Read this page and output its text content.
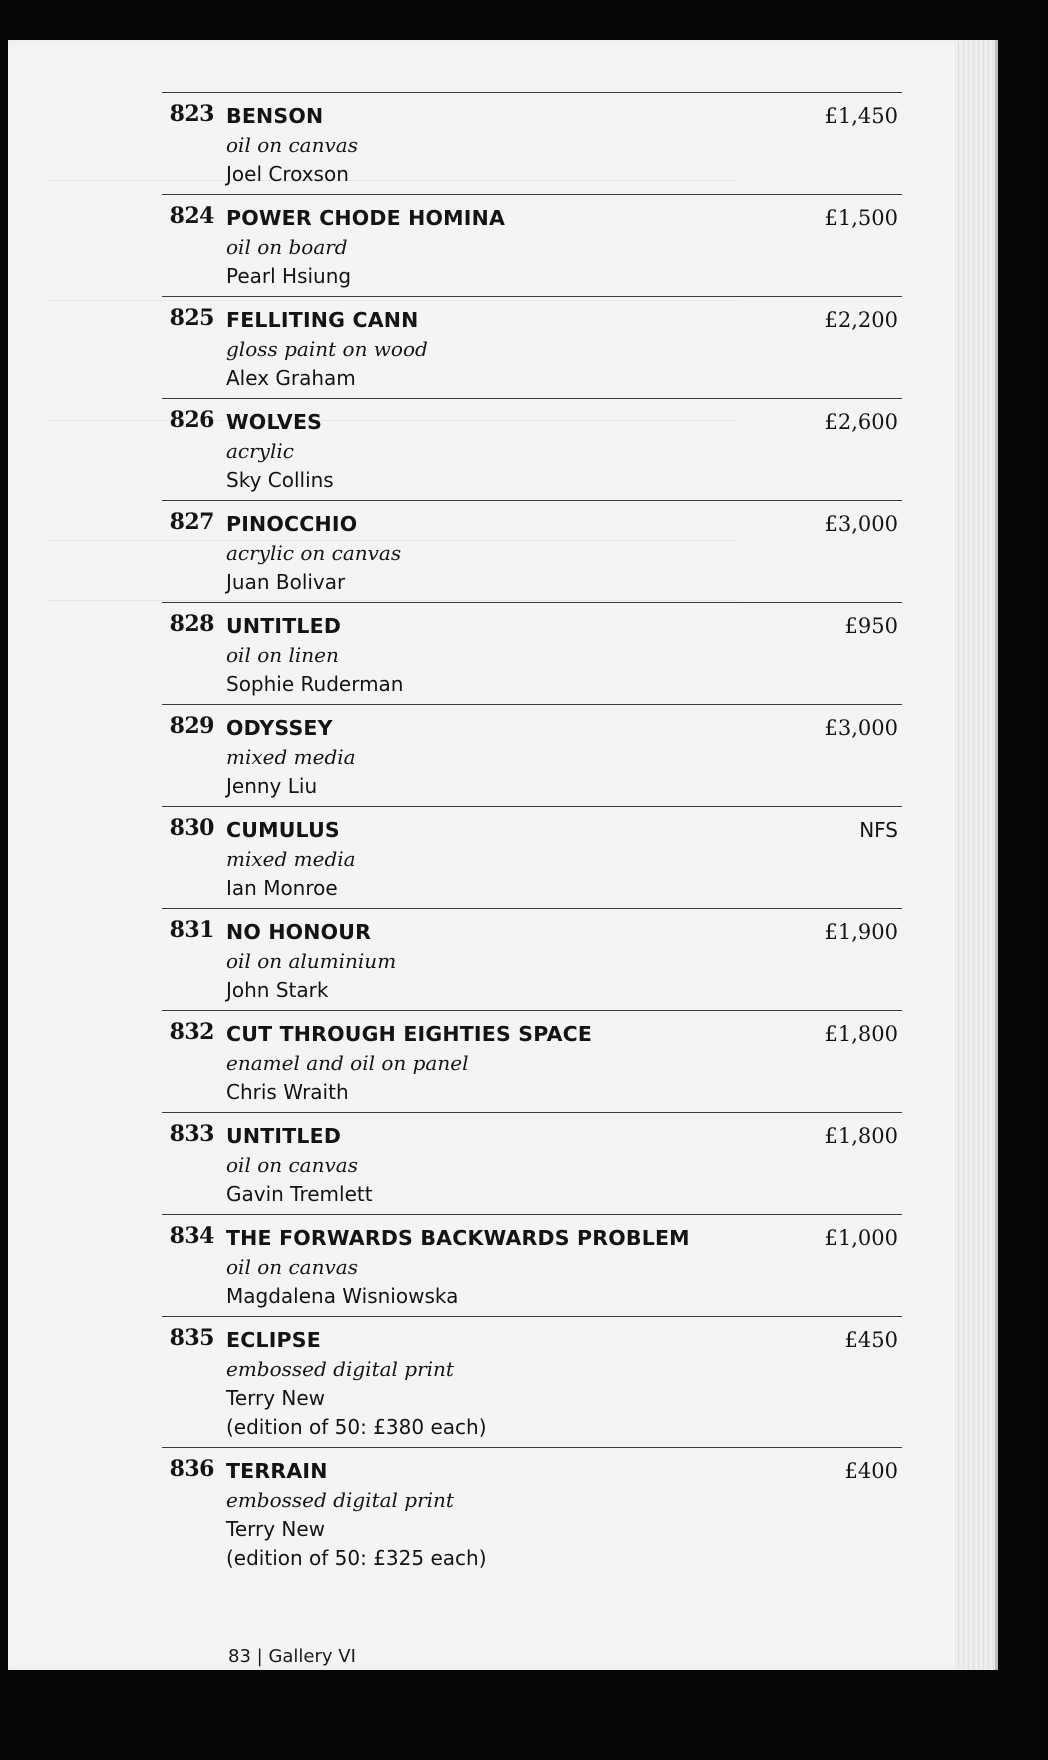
823 BENSON
oil on canvas
Joel Croxson
£1,450
824 POWER CHODE HOMINA
oil on board
Pearl Hsiung
£1,500
825 FELLITING CANN
gloss paint on wood
Alex Graham
£2,200
826 WOLVES
acrylic
Sky Collins
£2,600
827 PINOCCHIO
acrylic on canvas
Juan Bolivar
£3,000
828 UNTITLED
oil on linen
Sophie Ruderman
£950
829 ODYSSEY
mixed media
Jenny Liu
£3,000
830 CUMULUS
mixed media
Ian Monroe
NFS
831 NO HONOUR
oil on aluminium
John Stark
£1,900
832 CUT THROUGH EIGHTIES SPACE
enamel and oil on panel
Chris Wraith
£1,800
833 UNTITLED
oil on canvas
Gavin Tremlett
£1,800
834 THE FORWARDS BACKWARDS PROBLEM
oil on canvas
Magdalena Wisniowska
£1,000
835 ECLIPSE
embossed digital print
Terry New
(edition of 50: £380 each)
£450
836 TERRAIN
embossed digital print
Terry New
(edition of 50: £325 each)
£400
83 | Gallery VI
